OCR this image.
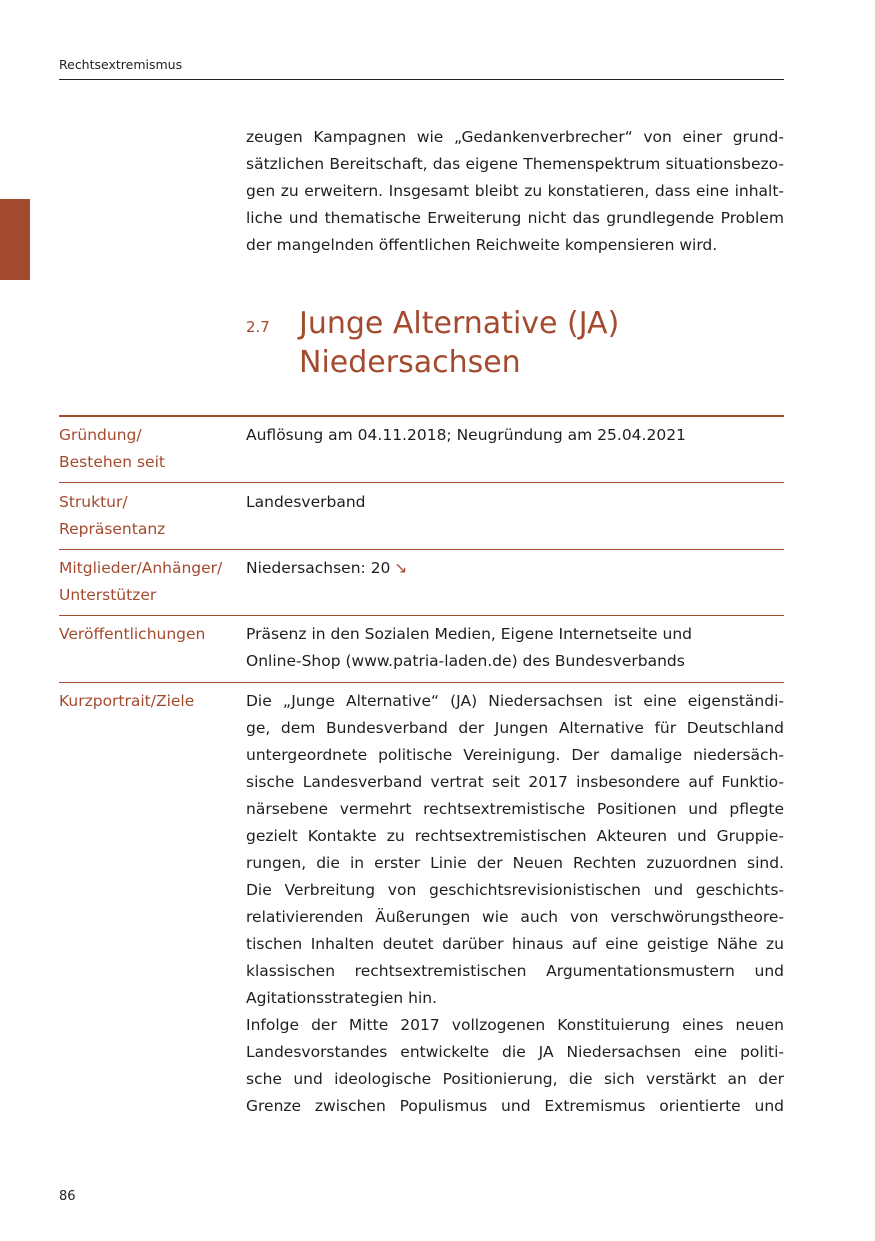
Rechtsextremismus
zeugen Kampagnen wie „Gedankenverbrecher“ von einer grund-
sätzlichen Bereitschaft, das eigene Themenspektrum situationsbezo-
gen zu erweitern. Insgesamt bleibt zu konstatieren, dass eine inhalt-
liche und thematische Erweiterung nicht das grundlegende Problem
der mangelnden öffentlichen Reichweite kompensieren wird.
2.7 Junge Alternative (JA)
Niedersachsen
Gründung/
Bestehen seit
Auflösung am 04.11.2018; Neugründung am 25.04.2021
Struktur/
Repräsentanz
Landesverband
Mitglieder/Anhänger/
Unterstützer
Niedersachsen: 20 ↘
Veröffentlichungen	Präsenz in den Sozialen Medien, Eigene Internetseite und
Online-Shop (www.patria-laden.de) des Bundesverbands
Kurzportrait/Ziele	Die „Junge Alternative“ (JA) Niedersachsen ist eine eigenständi-
ge, dem Bundesverband der Jungen Alternative für Deutschland
untergeordnete politische Vereinigung. Der damalige niedersäch-
sische Landesverband vertrat seit 2017 insbesondere auf Funktio-
närsebene vermehrt rechtsextremistische Positionen und pflegte
gezielt Kontakte zu rechtsextremistischen Akteuren und Gruppie-
rungen, die in erster Linie der Neuen Rechten zuzuordnen sind.
Die Verbreitung von geschichtsrevisionistischen und geschichts-
relativierenden Äußerungen wie auch von verschwörungstheore-
tischen Inhalten deutet darüber hinaus auf eine geistige Nähe zu
klassischen rechtsextremistischen Argumentationsmustern und
Agitationsstrategien hin.
Infolge der Mitte 2017 vollzogenen Konstituierung eines neuen
Landesvorstandes entwickelte die JA Niedersachsen eine politi-
sche und ideologische Positionierung, die sich verstärkt an der
Grenze zwischen Populismus und Extremismus orientierte und
86
